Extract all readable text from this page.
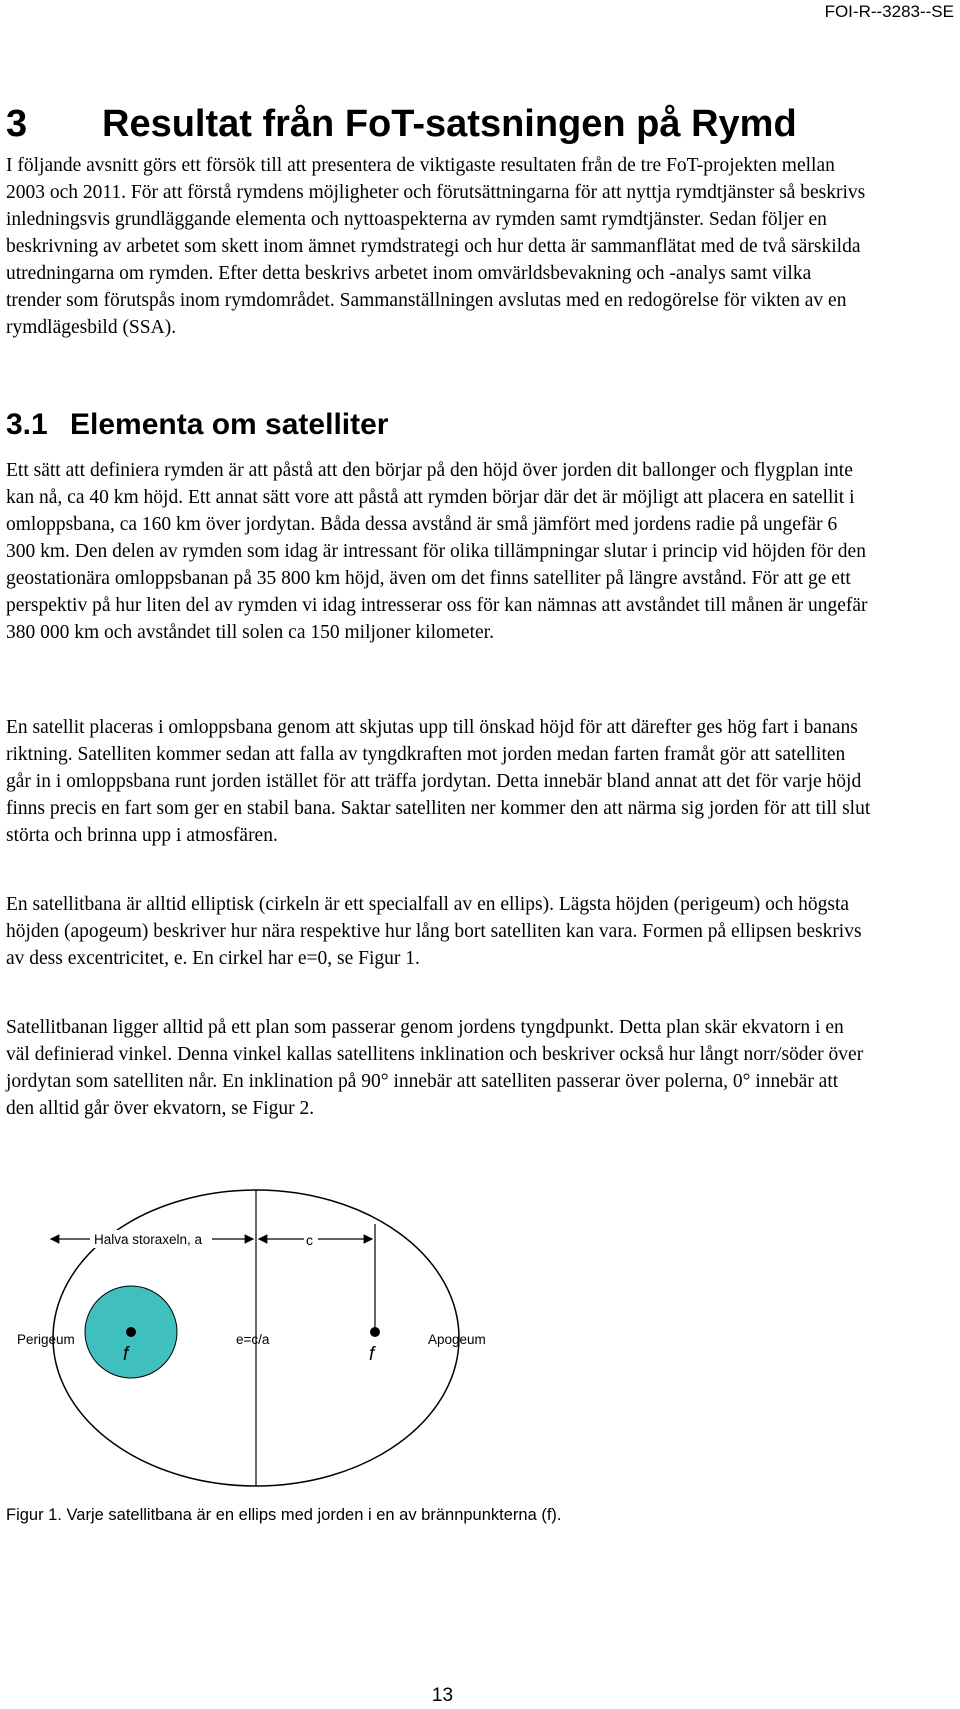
FOI-R--3283--SE
3 Resultat från FoT-satsningen på Rymd

I följande avsnitt görs ett försök till att presentera de viktigaste resultaten från de tre FoT-projekten mellan 2003 och 2011. För att förstå rymdens möjligheter och förutsättningarna för att nyttja rymdtjänster så beskrivs inledningsvis grundläggande elementa och nyttoaspekterna av rymden samt rymdtjänster. Sedan följer en beskrivning av arbetet som skett inom ämnet rymdstrategi och hur detta är sammanflätat med de två särskilda utredningarna om rymden. Efter detta beskrivs arbetet inom omvärldsbevakning och -analys samt vilka trender som förutspås inom rymdområdet. Sammanställningen avslutas med en redogörelse för vikten av en rymdlägesbild (SSA).

3.1 Elementa om satelliter

Ett sätt att definiera rymden är att påstå att den börjar på den höjd över jorden dit ballonger och flygplan inte kan nå, ca 40 km höjd. Ett annat sätt vore att påstå att rymden börjar där det är möjligt att placera en satellit i omloppsbana, ca 160 km över jordytan. Båda dessa avstånd är små jämfört med jordens radie på ungefär 6 300 km. Den delen av rymden som idag är intressant för olika tillämpningar slutar i princip vid höjden för den geostationära omloppsbanan på 35 800 km höjd, även om det finns satelliter på längre avstånd. För att ge ett perspektiv på hur liten del av rymden vi idag intresserar oss för kan nämnas att avståndet till månen är ungefär 380 000 km och avståndet till solen ca 150 miljoner kilometer.

En satellit placeras i omloppsbana genom att skjutas upp till önskad höjd för att därefter ges hög fart i banans riktning. Satelliten kommer sedan att falla av tyngdkraften mot jorden medan farten framåt gör att satelliten går in i omloppsbana runt jorden istället för att träffa jordytan. Detta innebär bland annat att det för varje höjd finns precis en fart som ger en stabil bana. Saktar satelliten ner kommer den att närma sig jorden för att till slut störta och brinna upp i atmosfären.

En satellitbana är alltid elliptisk (cirkeln är ett specialfall av en ellips). Lägsta höjden (perigeum) och högsta höjden (apogeum) beskriver hur nära respektive hur lång bort satelliten kan vara. Formen på ellipsen beskrivs av dess excentricitet, e. En cirkel har e=0, se Figur 1.

Satellitbanan ligger alltid på ett plan som passerar genom jordens tyngdpunkt. Detta plan skär ekvatorn i en väl definierad vinkel. Denna vinkel kallas satellitens inklination och beskriver också hur långt norr/söder över jordytan som satelliten når. En inklination på 90° innebär att satelliten passerar över polerna, 0° innebär att den alltid går över ekvatorn, se Figur 2.

Halva storaxeln, a	c
Perigeum	Apogeum
e=c/a
f	f

Figur 1. Varje satellitbana är en ellips med jorden i en av brännpunkterna (f).

13
